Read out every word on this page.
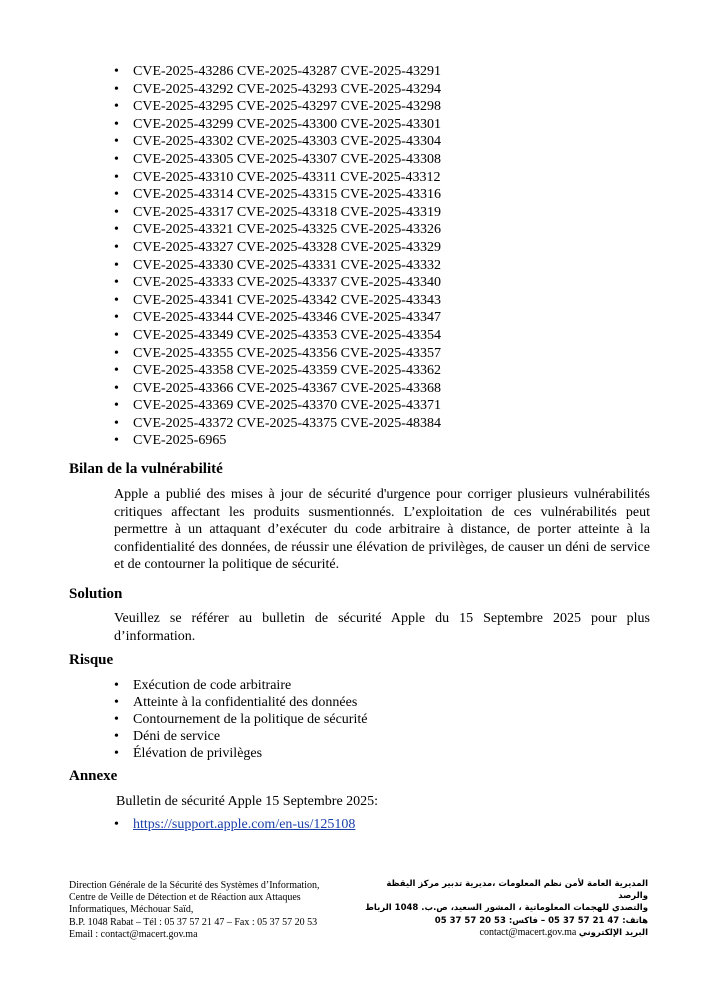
• CVE-2025-43286 CVE-2025-43287 CVE-2025-43291
• CVE-2025-43292 CVE-2025-43293 CVE-2025-43294
• CVE-2025-43295 CVE-2025-43297 CVE-2025-43298
• CVE-2025-43299 CVE-2025-43300 CVE-2025-43301
• CVE-2025-43302 CVE-2025-43303 CVE-2025-43304
• CVE-2025-43305 CVE-2025-43307 CVE-2025-43308
• CVE-2025-43310 CVE-2025-43311 CVE-2025-43312
• CVE-2025-43314 CVE-2025-43315 CVE-2025-43316
• CVE-2025-43317 CVE-2025-43318 CVE-2025-43319
• CVE-2025-43321 CVE-2025-43325 CVE-2025-43326
• CVE-2025-43327 CVE-2025-43328 CVE-2025-43329
• CVE-2025-43330 CVE-2025-43331 CVE-2025-43332
• CVE-2025-43333 CVE-2025-43337 CVE-2025-43340
• CVE-2025-43341 CVE-2025-43342 CVE-2025-43343
• CVE-2025-43344 CVE-2025-43346 CVE-2025-43347
• CVE-2025-43349 CVE-2025-43353 CVE-2025-43354
• CVE-2025-43355 CVE-2025-43356 CVE-2025-43357
• CVE-2025-43358 CVE-2025-43359 CVE-2025-43362
• CVE-2025-43366 CVE-2025-43367 CVE-2025-43368
• CVE-2025-43369 CVE-2025-43370 CVE-2025-43371
• CVE-2025-43372 CVE-2025-43375 CVE-2025-48384
• CVE-2025-6965
Bilan de la vulnérabilité

Apple a publié des mises à jour de sécurité d'urgence pour corriger plusieurs vulnérabilités critiques affectant les produits susmentionnés. L’exploitation de ces vulnérabilités peut permettre à un attaquant d’exécuter du code arbitraire à distance, de porter atteinte à la confidentialité des données, de réussir une élévation de privilèges, de causer un déni de service et de contourner la politique de sécurité.

Solution

Veuillez se référer au bulletin de sécurité Apple du 15 Septembre 2025 pour plus d’information.

Risque
• Exécution de code arbitraire
• Atteinte à la confidentialité des données
• Contournement de la politique de sécurité
• Déni de service
• Élévation de privilèges
Annexe

Bulletin de sécurité Apple 15 Septembre 2025:

• https://support.apple.com/en-us/125108
Direction Générale de la Sécurité des Systèmes d’Information,
Centre de Veille de Détection et de Réaction aux Attaques
Informatiques, Méchouar Saïd,
B.P. 1048 Rabat – Tél : 05 37 57 21 47 – Fax : 05 37 57 20 53
Email : contact@macert.gov.ma
المديرية العامة لأمن نظم المعلومات ،مديرية تدبير مركز اليقظة والرصد
والتصدي للهجمات المعلوماتية ، المشور السعيد، ص.ب. 1048 الرباط
هاتف: 47 21 57 37 05 – فاكس: 53 20 57 37 05
البريد الإلكتروني contact@macert.gov.ma
